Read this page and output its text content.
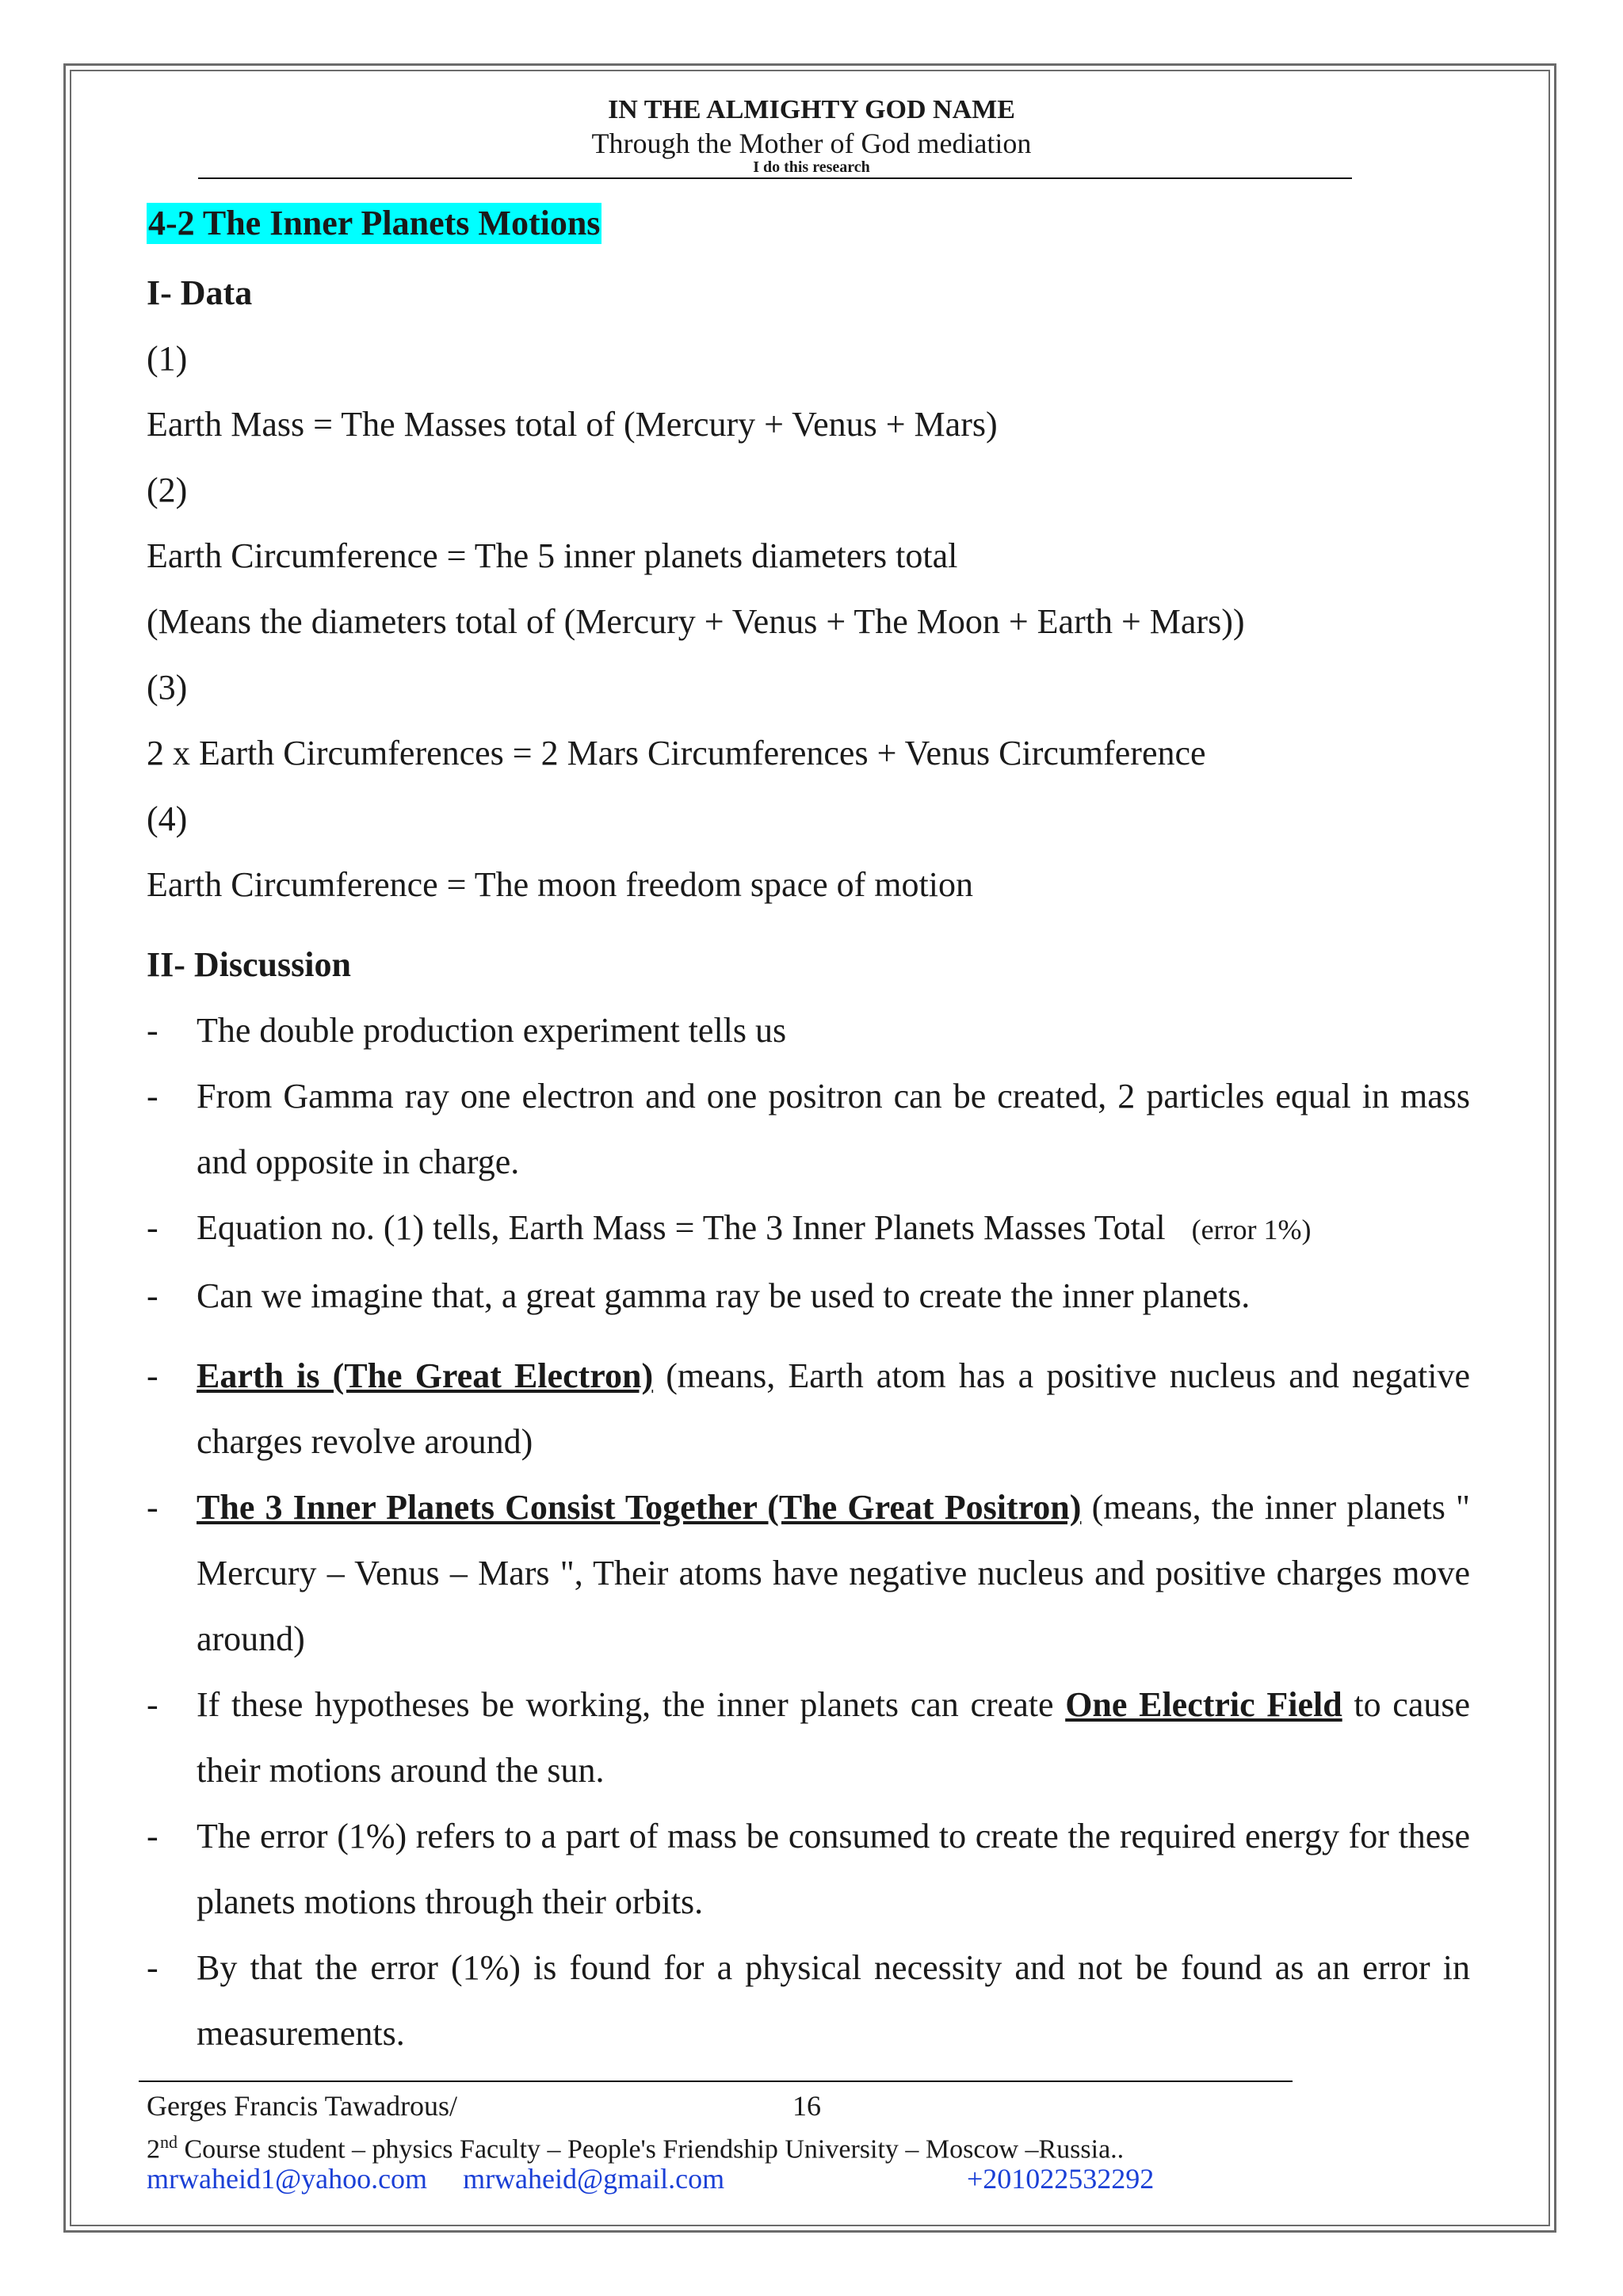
IN THE ALMIGHTY GOD NAME
Through the Mother of God mediation
I do this research
4-2 The Inner Planets Motions

I- Data

(1)

Earth Mass = The Masses total of (Mercury + Venus + Mars)

(2)

Earth Circumference = The 5 inner planets diameters total

(Means the diameters total of (Mercury + Venus + The Moon + Earth + Mars))

(3)

2 x Earth Circumferences = 2 Mars Circumferences + Venus Circumference

(4)

Earth Circumference = The moon freedom space of motion

II- Discussion

- The double production experiment tells us
- From Gamma ray one electron and one positron can be created, 2 particles equal in mass and opposite in charge.
- Equation no. (1) tells, Earth Mass = The 3 Inner Planets Masses Total (error 1%)
- Can we imagine that, a great gamma ray be used to create the inner planets.
- Earth is (The Great Electron) (means, Earth atom has a positive nucleus and negative charges revolve around)
- The 3 Inner Planets Consist Together (The Great Positron) (means, the inner planets " Mercury – Venus – Mars ", Their atoms have negative nucleus and positive charges move around)
- If these hypotheses be working, the inner planets can create One Electric Field to cause their motions around the sun.
- The error (1%) refers to a part of mass be consumed to create the required energy for these planets motions through their orbits.
- By that the error (1%) is found for a physical necessity and not be found as an error in measurements.
Gerges Francis Tawadrous/	16
2nd Course student – physics Faculty – People's Friendship University – Moscow –Russia..
mrwaheid1@yahoo.com mrwaheid@gmail.com	+201022532292
